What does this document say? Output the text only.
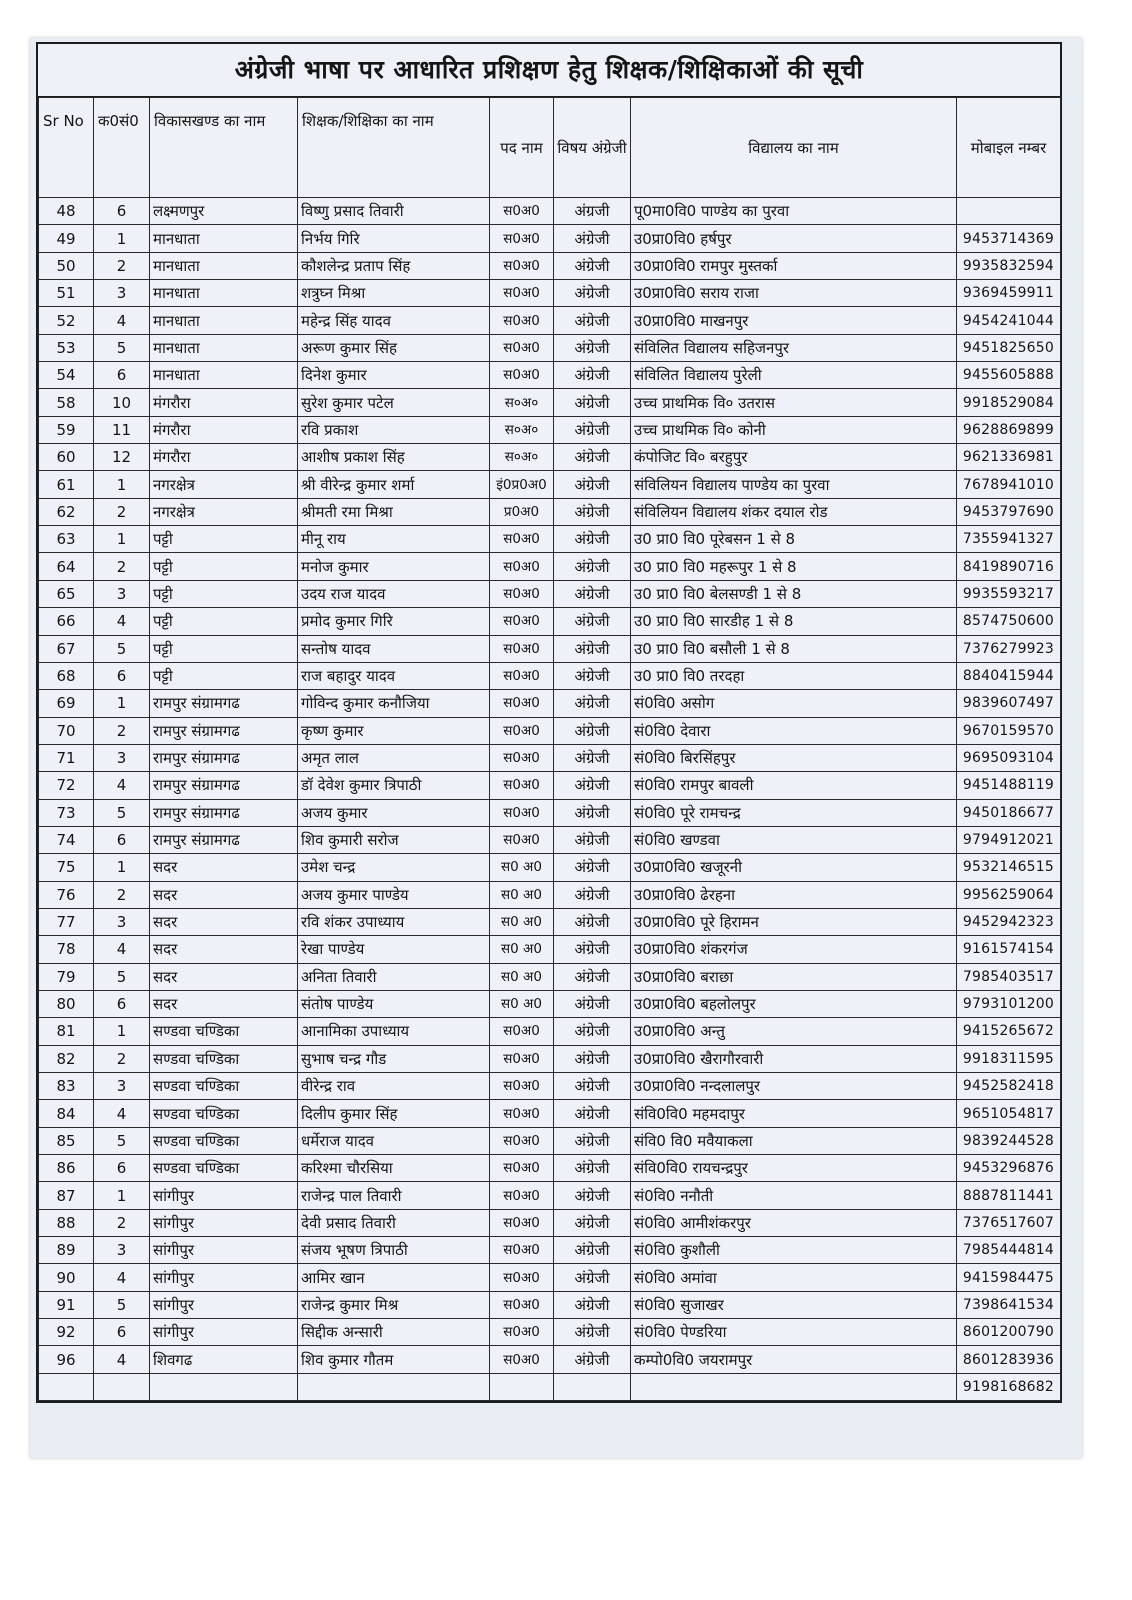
अंग्रेजी भाषा पर आधारित प्रशिक्षण हेतु शिक्षक/शिक्षिकाओं की सूची
Sr No	क0सं0	विकासखण्ड का नाम	शिक्षक/शिक्षिका का नाम	पद नाम	विषय अंग्रेजी	विद्यालय का नाम	मोबाइल नम्बर
48	6	लक्ष्मणपुर	विष्णु प्रसाद तिवारी	स0अ0	अंग्रजी	पू0मा0वि0 पाण्डेय का पुरवा	
49	1	मानधाता	निर्भय गिरि	स0अ0	अंग्रेजी	उ0प्रा0वि0 हर्षपुर	9453714369
50	2	मानधाता	कौशलेन्द्र प्रताप सिंह	स0अ0	अंग्रेजी	उ0प्रा0वि0 रामपुर मुस्तर्का	9935832594
51	3	मानधाता	शत्रुघ्न मिश्रा	स0अ0	अंग्रेजी	उ0प्रा0वि0 सराय राजा	9369459911
52	4	मानधाता	महेन्द्र सिंह यादव	स0अ0	अंग्रेजी	उ0प्रा0वि0 माखनपुर	9454241044
53	5	मानधाता	अरूण कुमार सिंह	स0अ0	अंग्रेजी	संविलित विद्यालय सहिजनपुर	9451825650
54	6	मानधाता	दिनेश कुमार	स0अ0	अंग्रेजी	संविलित विद्यालय पुरेली	9455605888
58	10	मंगरौरा	सुरेश कुमार पटेल	स०अ०	अंग्रेजी	उच्च प्राथमिक वि० उतरास	9918529084
59	11	मंगरौरा	रवि प्रकाश	स०अ०	अंग्रेजी	उच्च प्राथमिक वि० कोनी	9628869899
60	12	मंगरौरा	आशीष प्रकाश सिंह	स०अ०	अंग्रेजी	कंपोजिट वि० बरहुपुर	9621336981
61	1	नगरक्षेत्र	श्री वीरेन्द्र कुमार शर्मा	इं0प्र0अ0	अंग्रेजी	संविलियन विद्यालय पाण्डेय का पुरवा	7678941010
62	2	नगरक्षेत्र	श्रीमती रमा मिश्रा	प्र0अ0	अंग्रेजी	संविलियन विद्यालय शंकर दयाल रोड	9453797690
63	1	पट्टी	मीनू राय	स0अ0	अंग्रेजी	उ0 प्रा0 वि0 पूरेबसन 1 से 8	7355941327
64	2	पट्टी	मनोज कुमार	स0अ0	अंग्रेजी	उ0 प्रा0 वि0 महरूपुर 1 से 8	8419890716
65	3	पट्टी	उदय राज यादव	स0अ0	अंग्रेजी	उ0 प्रा0 वि0 बेलसण्डी 1 से 8	9935593217
66	4	पट्टी	प्रमोद कुमार गिरि	स0अ0	अंग्रेजी	उ0 प्रा0 वि0 सारडीह 1 से 8	8574750600
67	5	पट्टी	सन्तोष यादव	स0अ0	अंग्रेजी	उ0 प्रा0 वि0 बसौली 1 से 8	7376279923
68	6	पट्टी	राज बहादुर यादव	स0अ0	अंग्रेजी	उ0 प्रा0 वि0 तरदहा	8840415944
69	1	रामपुर संग्रामगढ	गोविन्द कुमार कनौजिया	स0अ0	अंग्रेजी	सं0वि0 असोग	9839607497
70	2	रामपुर संग्रामगढ	कृष्ण कुमार	स0अ0	अंग्रेजी	सं0वि0 देवारा	9670159570
71	3	रामपुर संग्रामगढ	अमृत लाल	स0अ0	अंग्रेजी	सं0वि0 बिरसिंहपुर	9695093104
72	4	रामपुर संग्रामगढ	डॉ देवेश कुमार त्रिपाठी	स0अ0	अंग्रेजी	सं0वि0 रामपुर बावली	9451488119
73	5	रामपुर संग्रामगढ	अजय कुमार	स0अ0	अंग्रेजी	सं0वि0 पूरे रामचन्द्र	9450186677
74	6	रामपुर संग्रामगढ	शिव कुमारी सरोज	स0अ0	अंग्रेजी	सं0वि0 खण्डवा	9794912021
75	1	सदर	उमेश चन्द्र	स0 अ0	अंग्रेजी	उ0प्रा0वि0 खजूरनी	9532146515
76	2	सदर	अजय कुमार पाण्डेय	स0 अ0	अंग्रेजी	उ0प्रा0वि0 ढेरहना	9956259064
77	3	सदर	रवि शंकर उपाध्याय	स0 अ0	अंग्रेजी	उ0प्रा0वि0 पूरे हिरामन	9452942323
78	4	सदर	रेखा पाण्डेय	स0 अ0	अंग्रेजी	उ0प्रा0वि0 शंकरगंज	9161574154
79	5	सदर	अनिता तिवारी	स0 अ0	अंग्रेजी	उ0प्रा0वि0 बराछा	7985403517
80	6	सदर	संतोष पाण्डेय	स0 अ0	अंग्रेजी	उ0प्रा0वि0 बहलोलपुर	9793101200
81	1	सण्डवा चण्डिका	आनामिका उपाध्याय	स0अ0	अंग्रेजी	उ0प्रा0वि0 अन्तु	9415265672
82	2	सण्डवा चण्डिका	सुभाष चन्द्र गौड	स0अ0	अंग्रेजी	उ0प्रा0वि0 खैरागौरवारी	9918311595
83	3	सण्डवा चण्डिका	वीरेन्द्र राव	स0अ0	अंग्रेजी	उ0प्रा0वि0 नन्दलालपुर	9452582418
84	4	सण्डवा चण्डिका	दिलीप कुमार सिंह	स0अ0	अंग्रेजी	संवि0वि0 महमदापुर	9651054817
85	5	सण्डवा चण्डिका	धर्मेराज यादव	स0अ0	अंग्रेजी	संवि0 वि0 मवैयाकला	9839244528
86	6	सण्डवा चण्डिका	करिश्मा चौरसिया	स0अ0	अंग्रेजी	संवि0वि0 रायचन्द्रपुर	9453296876
87	1	सांगीपुर	राजेन्द्र पाल तिवारी	स0अ0	अंग्रेजी	सं0वि0 ननौती	8887811441
88	2	सांगीपुर	देवी प्रसाद तिवारी	स0अ0	अंग्रेजी	सं0वि0 आमीशंकरपुर	7376517607
89	3	सांगीपुर	संजय भूषण त्रिपाठी	स0अ0	अंग्रेजी	सं0वि0 कुशौली	7985444814
90	4	सांगीपुर	आमिर खान	स0अ0	अंग्रेजी	सं0वि0 अमांवा	9415984475
91	5	सांगीपुर	राजेन्द्र कुमार मिश्र	स0अ0	अंग्रेजी	सं0वि0 सुजाखर	7398641534
92	6	सांगीपुर	सिद्दीक अन्सारी	स0अ0	अंग्रेजी	सं0वि0 पेण्डरिया	8601200790
96	4	शिवगढ	शिव कुमार गौतम	स0अ0	अंग्रेजी	कम्पो0वि0 जयरामपुर	8601283936
							9198168682
